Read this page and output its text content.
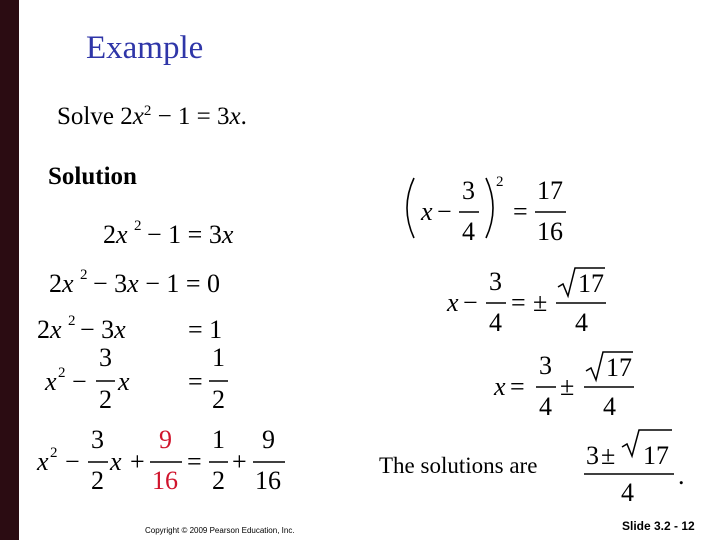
Example
Solve $2x^2 - 1 = 3x$.
Solution
2x 2 − 1 = 3x
2x 2 − 3x − 1 = 0
2x 2 − 3x = 1
x 2 −
3
2
x =
1
2
x 2 −
3
2
x +
9
16
=
1
2
+
9
16
x −
3
4
2
=
17
16
x −
3
4
= ±
17
4
x =
3
4
±
17
4
3 ± 17
4
.
The solutions are
Copyright © 2009 Pearson Education, Inc.	Slide 3.2 - 12
